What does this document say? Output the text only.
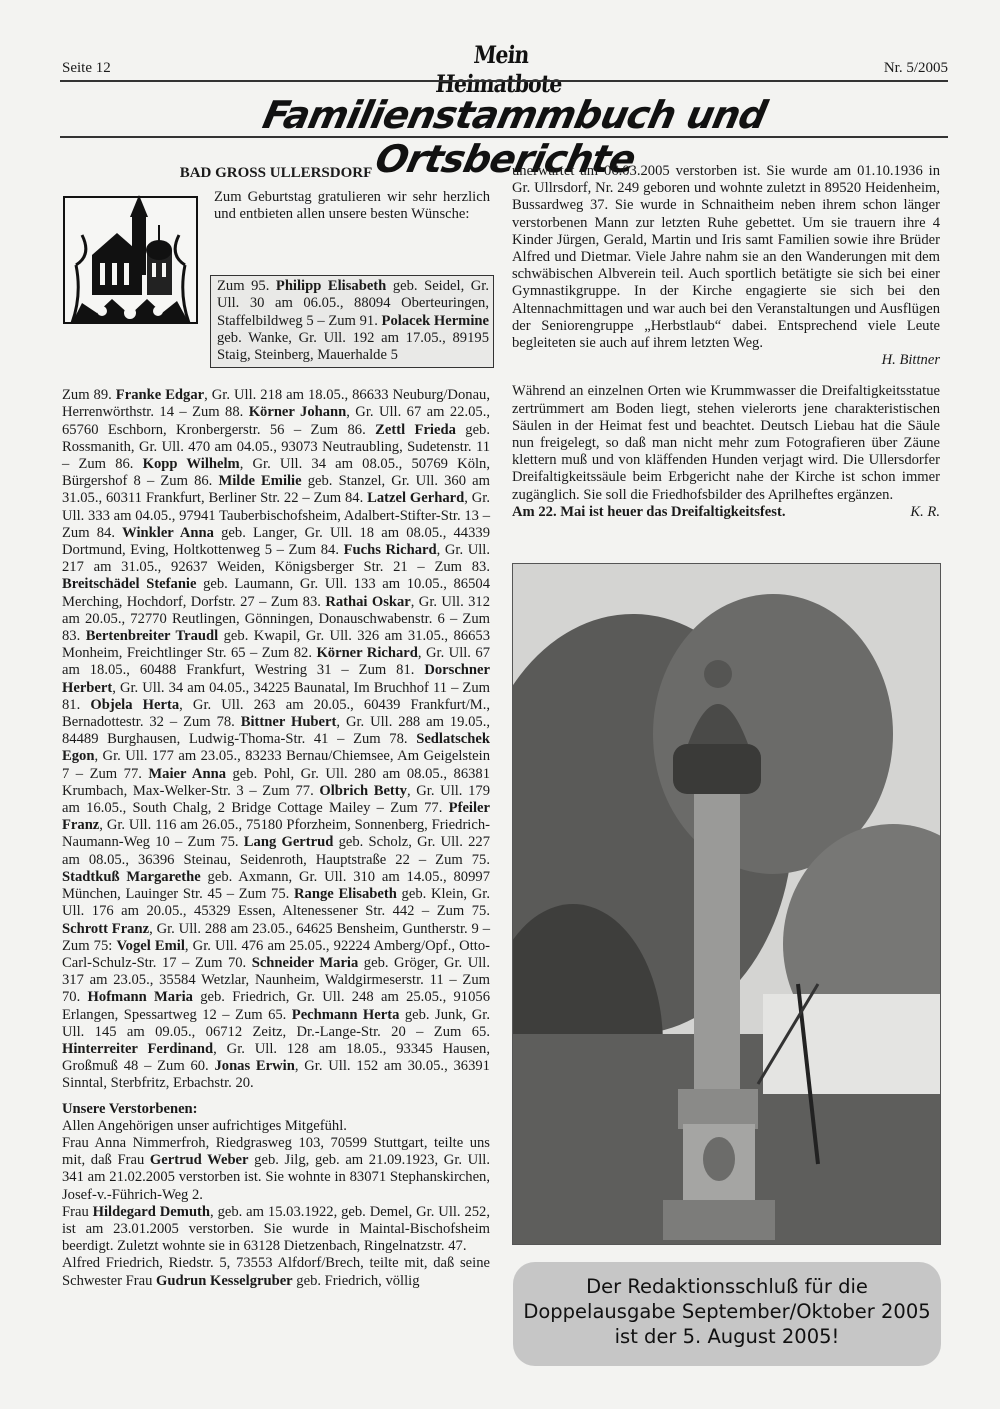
Seite 12	Mein Heimatbote
Nr. 5/2005
Familienstammbuch und Ortsberichte
BAD GROSS ULLERSDORF
Zum Geburtstag gratulieren wir sehr herzlich und entbieten allen unsere besten Wünsche:
Zum 95. Philipp Elisabeth geb. Seidel, Gr. Ull. 30 am 06.05., 88094 Oberteuringen, Staffelbildweg 5 – Zum 91. Polacek Hermine geb. Wanke, Gr. Ull. 192 am 17.05., 89195 Staig, Steinberg, Mauerhalde 5

Zum 89. Franke Edgar, Gr. Ull. 218 am 18.05., 86633 Neuburg/Donau, Herrenwörthstr. 14 – Zum 88. Körner Johann, Gr. Ull. 67 am 22.05., 65760 Eschborn, Kronbergerstr. 56 – Zum 86. Zettl Frieda geb. Rossmanith, Gr. Ull. 470 am 04.05., 93073 Neutraubling, Sudetenstr. 11 – Zum 86. Kopp Wilhelm, Gr. Ull. 34 am 08.05., 50769 Köln, Bürgershof 8 – Zum 86. Milde Emilie geb. Stanzel, Gr. Ull. 360 am 31.05., 60311 Frankfurt, Berliner Str. 22 – Zum 84. Latzel Gerhard, Gr. Ull. 333 am 04.05., 97941 Tauberbischofsheim, Adalbert-Stifter-Str. 13 – Zum 84. Winkler Anna geb. Langer, Gr. Ull. 18 am 08.05., 44339 Dortmund, Eving, Holtkottenweg 5 – Zum 84. Fuchs Richard, Gr. Ull. 217 am 31.05., 92637 Weiden, Königsberger Str. 21 – Zum 83. Breitschädel Stefanie geb. Laumann, Gr. Ull. 133 am 10.05., 86504 Merching, Hochdorf, Dorfstr. 27 – Zum 83. Rathai Oskar, Gr. Ull. 312 am 20.05., 72770 Reutlingen, Gönningen, Donauschwabenstr. 6 – Zum 83. Bertenbreiter Traudl geb. Kwapil, Gr. Ull. 326 am 31.05., 86653 Monheim, Freichtlinger Str. 65 – Zum 82. Körner Richard, Gr. Ull. 67 am 18.05., 60488 Frankfurt, Westring 31 – Zum 81. Dorschner Herbert, Gr. Ull. 34 am 04.05., 34225 Baunatal, Im Bruchhof 11 – Zum 81. Objela Herta, Gr. Ull. 263 am 20.05., 60439 Frankfurt/M., Bernadottestr. 32 – Zum 78. Bittner Hubert, Gr. Ull. 288 am 19.05., 84489 Burghausen, Ludwig-Thoma-Str. 41 – Zum 78. Sedlatschek Egon, Gr. Ull. 177 am 23.05., 83233 Bernau/Chiemsee, Am Geigelstein 7 – Zum 77. Maier Anna geb. Pohl, Gr. Ull. 280 am 08.05., 86381 Krumbach, Max-Welker-Str. 3 – Zum 77. Olbrich Betty, Gr. Ull. 179 am 16.05., South Chalg, 2 Bridge Cottage Mailey – Zum 77. Pfeiler Franz, Gr. Ull. 116 am 26.05., 75180 Pforzheim, Sonnenberg, Friedrich-Naumann-Weg 10 – Zum 75. Lang Gertrud geb. Scholz, Gr. Ull. 227 am 08.05., 36396 Steinau, Seidenroth, Hauptstraße 22 – Zum 75. Stadtkuß Margarethe geb. Axmann, Gr. Ull. 310 am 14.05., 80997 München, Lauinger Str. 45 – Zum 75. Range Elisabeth geb. Klein, Gr. Ull. 176 am 20.05., 45329 Essen, Altenessener Str. 442 – Zum 75. Schrott Franz, Gr. Ull. 288 am 23.05., 64625 Bensheim, Guntherstr. 9 – Zum 75: Vogel Emil, Gr. Ull. 476 am 25.05., 92224 Amberg/Opf., Otto-Carl-Schulz-Str. 17 – Zum 70. Schneider Maria geb. Gröger, Gr. Ull. 317 am 23.05., 35584 Wetzlar, Naunheim, Waldgirmeserstr. 11 – Zum 70. Hofmann Maria geb. Friedrich, Gr. Ull. 248 am 25.05., 91056 Erlangen, Spessartweg 12 – Zum 65. Pechmann Herta geb. Junk, Gr. Ull. 145 am 09.05., 06712 Zeitz, Dr.-Lange-Str. 20 – Zum 65. Hinterreiter Ferdinand, Gr. Ull. 128 am 18.05., 93345 Hausen, Großmuß 48 – Zum 60. Jonas Erwin, Gr. Ull. 152 am 30.05., 36391 Sinntal, Sterbfritz, Erbachstr. 20.

Unsere Verstorbenen:

Allen Angehörigen unser aufrichtiges Mitgefühl.

Frau Anna Nimmerfroh, Riedgrasweg 103, 70599 Stuttgart, teilte uns mit, daß Frau Gertrud Weber geb. Jilg, geb. am 21.09.1923, Gr. Ull. 341 am 21.02.2005 verstorben ist. Sie wohnte in 83071 Stephanskirchen, Josef-v.-Führich-Weg 2.

Frau Hildegard Demuth, geb. am 15.03.1922, geb. Demel, Gr. Ull. 252, ist am 23.01.2005 verstorben. Sie wurde in Maintal-Bischofsheim beerdigt. Zuletzt wohnte sie in 63128 Dietzenbach, Ringelnatzstr. 47.

Alfred Friedrich, Riedstr. 5, 73553 Alfdorf/Brech, teilte mit, daß seine Schwester Frau Gudrun Kesselgruber geb. Friedrich, völlig

unerwartet am 06.03.2005 verstorben ist. Sie wurde am 01.10.1936 in Gr. Ullrsdorf, Nr. 249 geboren und wohnte zuletzt in 89520 Heidenheim, Bussardweg 37. Sie wurde in Schnaitheim neben ihrem schon länger verstorbenen Mann zur letzten Ruhe gebettet. Um sie trauern ihre 4 Kinder Jürgen, Gerald, Martin und Iris samt Familien sowie ihre Brüder Alfred und Dietmar. Viele Jahre nahm sie an den Wanderungen mit dem schwäbischen Albverein teil. Auch sportlich betätigte sie sich bei einer Gymnastikgruppe. In der Kirche engagierte sie sich bei den Altennachmittagen und war auch bei den Veranstaltungen und Ausflügen der Seniorengruppe „Herbstlaub“ dabei. Entsprechend viele Leute begleiteten sie auch auf ihrem letzten Weg.

H. Bittner

Während an einzelnen Orten wie Krummwasser die Dreifaltigkeitsstatue zertrümmert am Boden liegt, stehen vielerorts jene charakteristischen Säulen in der Heimat fest und beachtet. Deutsch Liebau hat die Säule nun freigelegt, so daß man nicht mehr zum Fotografieren über Zäune klettern muß und von kläffenden Hunden verjagt wird. Die Ullersdorfer Dreifaltigkeitssäule beim Erbgericht nahe der Kirche ist schon immer zugänglich. Sie soll die Friedhofsbilder des Aprilheftes ergänzen.

Am 22. Mai ist heuer das Dreifaltigkeitsfest.	K. R.
Der Redaktionsschluß für die
Doppelausgabe September/Oktober 2005
ist der 5. August 2005!
